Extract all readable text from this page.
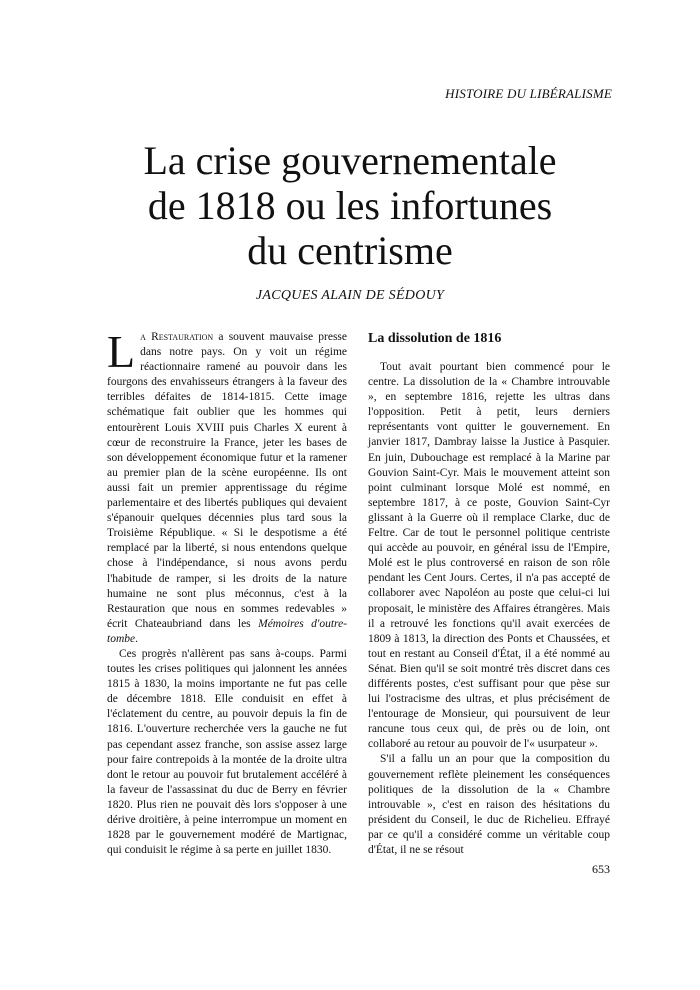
HISTOIRE DU LIBÉRALISME
La crise gouvernementale
de 1818 ou les infortunes
du centrisme
JACQUES ALAIN DE SÉDOUY

La Restauration a souvent mauvaise presse dans notre pays. On y voit un régime réactionnaire ramené au pouvoir dans les fourgons des envahisseurs étrangers à la faveur des terribles défaites de 1814-1815. Cette image schématique fait oublier que les hommes qui entourèrent Louis XVIII puis Charles X eurent à cœur de reconstruire la France, jeter les bases de son développement économique futur et la ramener au premier plan de la scène européenne. Ils ont aussi fait un premier apprentissage du régime parlementaire et des libertés publiques qui devaient s'épanouir quelques décennies plus tard sous la Troisième République. « Si le despotisme a été remplacé par la liberté, si nous entendons quelque chose à l'indépendance, si nous avons perdu l'habitude de ramper, si les droits de la nature humaine ne sont plus méconnus, c'est à la Restauration que nous en sommes redevables » écrit Chateaubriand dans les Mémoires d'outre-tombe.

Ces progrès n'allèrent pas sans à-coups. Parmi toutes les crises politiques qui jalonnent les années 1815 à 1830, la moins importante ne fut pas celle de décembre 1818. Elle conduisit en effet à l'éclatement du centre, au pouvoir depuis la fin de 1816. L'ouverture recherchée vers la gauche ne fut pas cependant assez franche, son assise assez large pour faire contrepoids à la montée de la droite ultra dont le retour au pouvoir fut brutalement accéléré à la faveur de l'assassinat du duc de Berry en février 1820. Plus rien ne pouvait dès lors s'opposer à une dérive droitière, à peine interrompue un moment en 1828 par le gouvernement modéré de Martignac, qui conduisit le régime à sa perte en juillet 1830.

La dissolution de 1816

Tout avait pourtant bien commencé pour le centre. La dissolution de la « Chambre introuvable », en septembre 1816, rejette les ultras dans l'opposition. Petit à petit, leurs derniers représentants vont quitter le gouvernement. En janvier 1817, Dambray laisse la Justice à Pasquier. En juin, Dubouchage est remplacé à la Marine par Gouvion Saint-Cyr. Mais le mouvement atteint son point culminant lorsque Molé est nommé, en septembre 1817, à ce poste, Gouvion Saint-Cyr glissant à la Guerre où il remplace Clarke, duc de Feltre. Car de tout le personnel politique centriste qui accède au pouvoir, en général issu de l'Empire, Molé est le plus controversé en raison de son rôle pendant les Cent Jours. Certes, il n'a pas accepté de collaborer avec Napoléon au poste que celui-ci lui proposait, le ministère des Affaires étrangères. Mais il a retrouvé les fonctions qu'il avait exercées de 1809 à 1813, la direction des Ponts et Chaussées, et tout en restant au Conseil d'État, il a été nommé au Sénat. Bien qu'il se soit montré très discret dans ces différents postes, c'est suffisant pour que pèse sur lui l'ostracisme des ultras, et plus précisément de l'entourage de Monsieur, qui poursuivent de leur rancune tous ceux qui, de près ou de loin, ont collaboré au retour au pouvoir de l'« usurpateur ».

S'il a fallu un an pour que la composition du gouvernement reflète pleinement les conséquences politiques de la dissolution de la « Chambre introuvable », c'est en raison des hésitations du président du Conseil, le duc de Richelieu. Effrayé par ce qu'il a considéré comme un véritable coup d'État, il ne se résout

653
